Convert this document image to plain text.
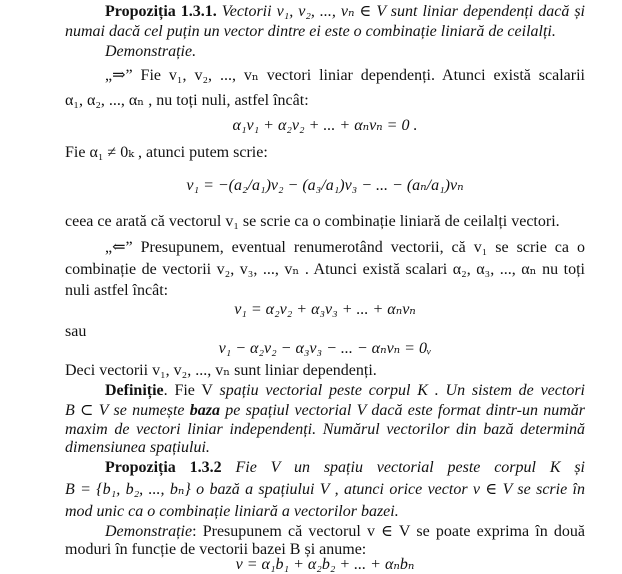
Propoziția 1.3.1. Vectorii v₁, v₂, ..., vₙ ∈ V sunt liniar dependenți dacă și
numai dacă cel puțin un vector dintre ei este o combinație liniară de ceilalți.
Demonstrație.
„⇒” Fie v₁, v₂, ..., vₙ vectori liniar dependenți. Atunci există scalarii
α₁, α₂, ..., αₙ , nu toți nuli, astfel încât:
α₁v₁ + α₂v₂ + ... + αₙvₙ = 0 .
Fie α₁ ≠ 0ₖ , atunci putem scrie:
v₁ = −(a₂/a₁)v₂ − (a₃/a₁)v₃ − ... − (aₙ/a₁)vₙ
ceea ce arată că vectorul v₁ se scrie ca o combinație liniară de ceilalți vectori.
„⇐” Presupunem, eventual renumerotând vectorii, că v₁ se scrie ca o
combinație de vectorii v₂, v₃, ..., vₙ . Atunci există scalari α₂, α₃, ..., αₙ nu toți
nuli astfel încât:
v₁ = α₂v₂ + α₃v₃ + ... + αₙvₙ
sau
v₁ − α₂v₂ − α₃v₃ − ... − αₙvₙ = 0ᵥ
Deci vectorii v₁, v₂, ..., vₙ sunt liniar dependenți.
Definiție. Fie V spațiu vectorial peste corpul K . Un sistem de vectori
B ⊂ V se numește baza pe spațiul vectorial V dacă este format dintr-un număr
maxim de vectori liniar independenți. Numărul vectorilor din bază determină
dimensiunea spațiului.
Propoziția 1.3.2 Fie V un spațiu vectorial peste corpul K și
B = {b₁, b₂, ..., bₙ} o bază a spațiului V , atunci orice vector v ∈ V se scrie în
mod unic ca o combinație liniară a vectorilor bazei.
Demonstrație: Presupunem că vectorul v ∈ V se poate exprima în două
moduri în funcție de vectorii bazei B și anume:
v = α₁b₁ + α₂b₂ + ... + αₙbₙ
